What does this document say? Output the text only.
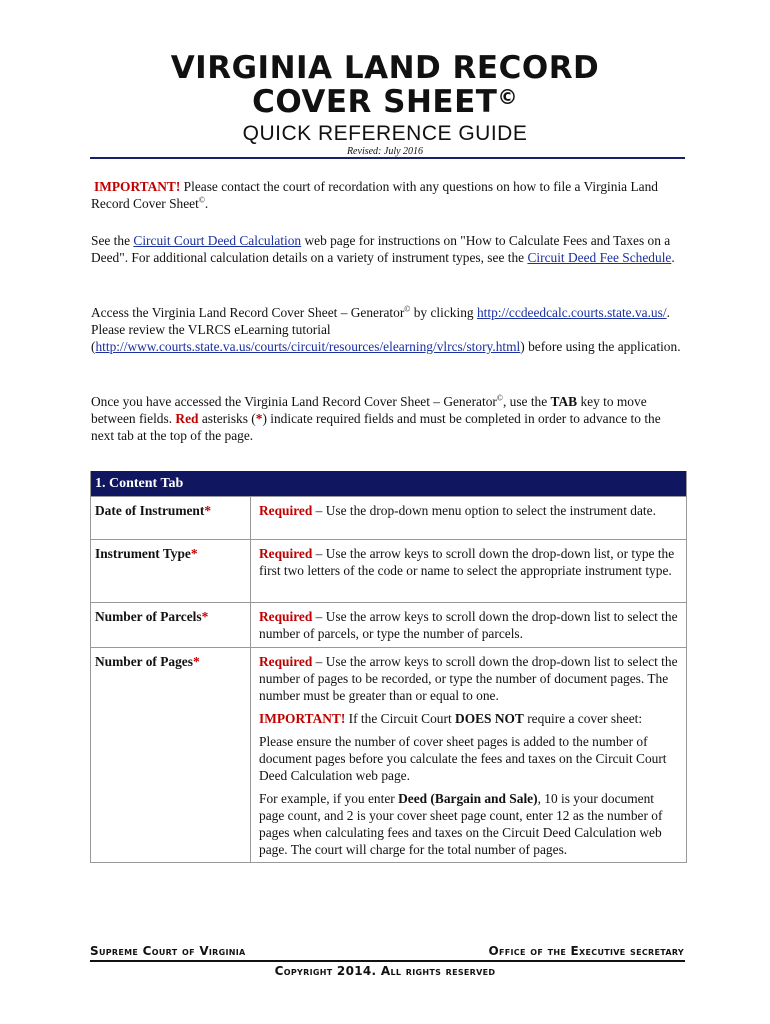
VIRGINIA LAND RECORD
COVER SHEET©
QUICK REFERENCE GUIDE
Revised: July 2016
IMPORTANT! Please contact the court of recordation with any questions on how to file a Virginia Land Record Cover Sheet©.
See the Circuit Court Deed Calculation web page for instructions on "How to Calculate Fees and Taxes on a Deed". For additional calculation details on a variety of instrument types, see the Circuit Deed Fee Schedule.
Access the Virginia Land Record Cover Sheet – Generator© by clicking http://ccdeedcalc.courts.state.va.us/. Please review the VLRCS eLearning tutorial (http://www.courts.state.va.us/courts/circuit/resources/elearning/vlrcs/story.html) before using the application.
Once you have accessed the Virginia Land Record Cover Sheet – Generator©, use the TAB key to move between fields. Red asterisks (*) indicate required fields and must be completed in order to advance to the next tab at the top of the page.
1. Content Tab
Date of Instrument*	Required – Use the drop-down menu option to select the instrument date.

Instrument Type*	Required – Use the arrow keys to scroll down the drop-down list, or type the first two letters of the code or name to select the appropriate instrument type.

Number of Parcels*	Required – Use the arrow keys to scroll down the drop-down list to select the number of parcels, or type the number of parcels.

Number of Pages*	Required – Use the arrow keys to scroll down the drop-down list to select the number of pages to be recorded, or type the number of document pages. The number must be greater than or equal to one.

IMPORTANT! If the Circuit Court DOES NOT require a cover sheet:

Please ensure the number of cover sheet pages is added to the number of document pages before you calculate the fees and taxes on the Circuit Court Deed Calculation web page.

For example, if you enter Deed (Bargain and Sale), 10 is your document page count, and 2 is your cover sheet page count, enter 12 as the number of pages when calculating fees and taxes on the Circuit Deed Calculation web page. The court will charge for the total number of pages.

Supreme Court of Virginia	Office of the Executive secretary
Copyright 2014. All rights reserved
